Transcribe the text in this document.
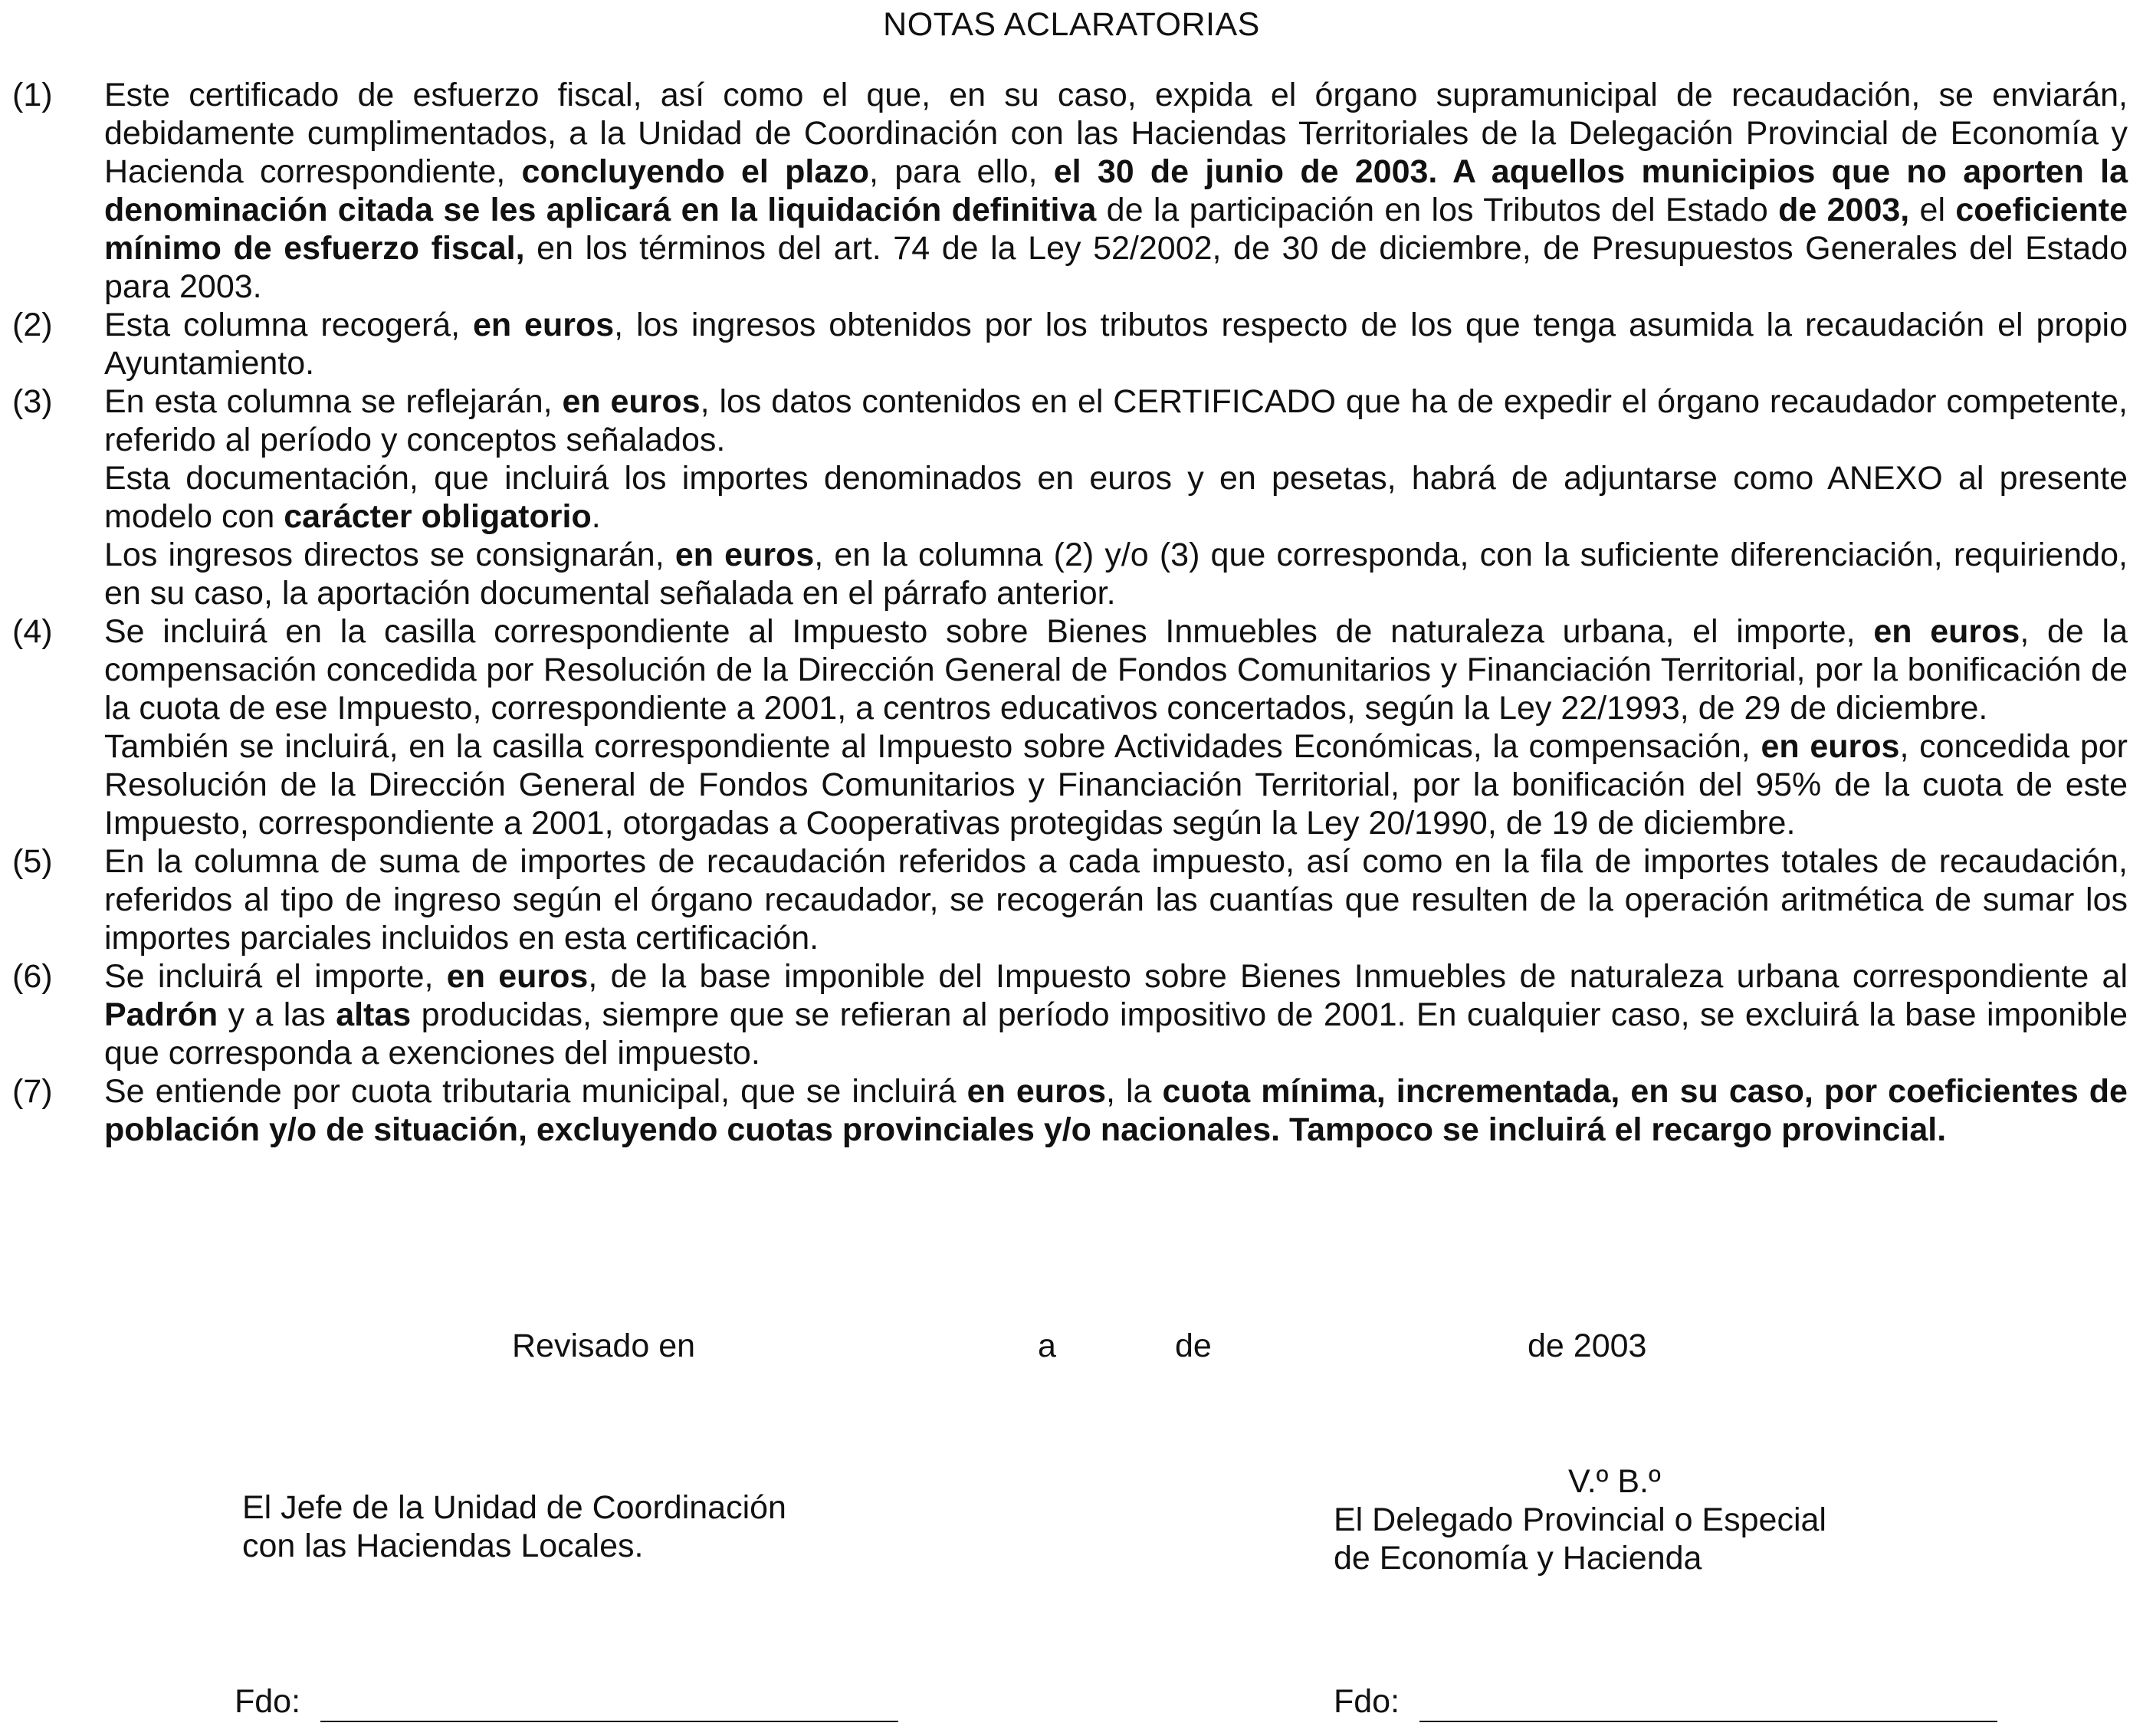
NOTAS ACLARATORIAS
(1)	Este certificado de esfuerzo fiscal, así como el que, en su caso, expida el órgano supramunicipal de recaudación, se enviarán, debidamente cumplimentados, a la Unidad de Coordinación con las Haciendas Territoriales de la Delegación Provincial de Economía y Hacienda correspondiente, concluyendo el plazo, para ello, el 30 de junio de 2003. A aquellos municipios que no aporten la denominación citada se les aplicará en la liquidación definitiva de la participación en los Tributos del Estado de 2003, el coeficiente mínimo de esfuerzo fiscal, en los términos del art. 74 de la Ley 52/2002, de 30 de diciembre, de Presupuestos Generales del Estado para 2003.
(2)	Esta columna recogerá, en euros, los ingresos obtenidos por los tributos respecto de los que tenga asumida la recaudación el propio Ayuntamiento.
(3)	En esta columna se reflejarán, en euros, los datos contenidos en el CERTIFICADO que ha de expedir el órgano recaudador competente, referido al período y conceptos señalados.
Esta documentación, que incluirá los importes denominados en euros y en pesetas, habrá de adjuntarse como ANEXO al presente modelo con carácter obligatorio.
Los ingresos directos se consignarán, en euros, en la columna (2) y/o (3) que corresponda, con la suficiente diferenciación, requiriendo, en su caso, la aportación documental señalada en el párrafo anterior.
(4)	Se incluirá en la casilla correspondiente al Impuesto sobre Bienes Inmuebles de naturaleza urbana, el importe, en euros, de la compensación concedida por Resolución de la Dirección General de Fondos Comunitarios y Financiación Territorial, por la bonificación de la cuota de ese Impuesto, correspondiente a 2001, a centros educativos concertados, según la Ley 22/1993, de 29 de diciembre.
También se incluirá, en la casilla correspondiente al Impuesto sobre Actividades Económicas, la compensación, en euros, concedida por Resolución de la Dirección General de Fondos Comunitarios y Financiación Territorial, por la bonificación del 95% de la cuota de este Impuesto, correspondiente a 2001, otorgadas a Cooperativas protegidas según la Ley 20/1990, de 19 de diciembre.
(5)	En la columna de suma de importes de recaudación referidos a cada impuesto, así como en la fila de importes totales de recaudación, referidos al tipo de ingreso según el órgano recaudador, se recogerán las cuantías que resulten de la operación aritmética de sumar los importes parciales incluidos en esta certificación.
(6)	Se incluirá el importe, en euros, de la base imponible del Impuesto sobre Bienes Inmuebles de naturaleza urbana correspondiente al Padrón y a las altas producidas, siempre que se refieran al período impositivo de 2001. En cualquier caso, se excluirá la base imponible que corresponda a exenciones del impuesto.
(7)	Se entiende por cuota tributaria municipal, que se incluirá en euros, la cuota mínima, incrementada, en su caso, por coeficientes de población y/o de situación, excluyendo cuotas provinciales y/o nacionales. Tampoco se incluirá el recargo provincial.
Revisado en	a	de	de 2003
El Jefe de la Unidad de Coordinación
con las Haciendas Locales.
V.º B.º
El Delegado Provincial o Especial
de Economía y Hacienda
Fdo:	Fdo:
